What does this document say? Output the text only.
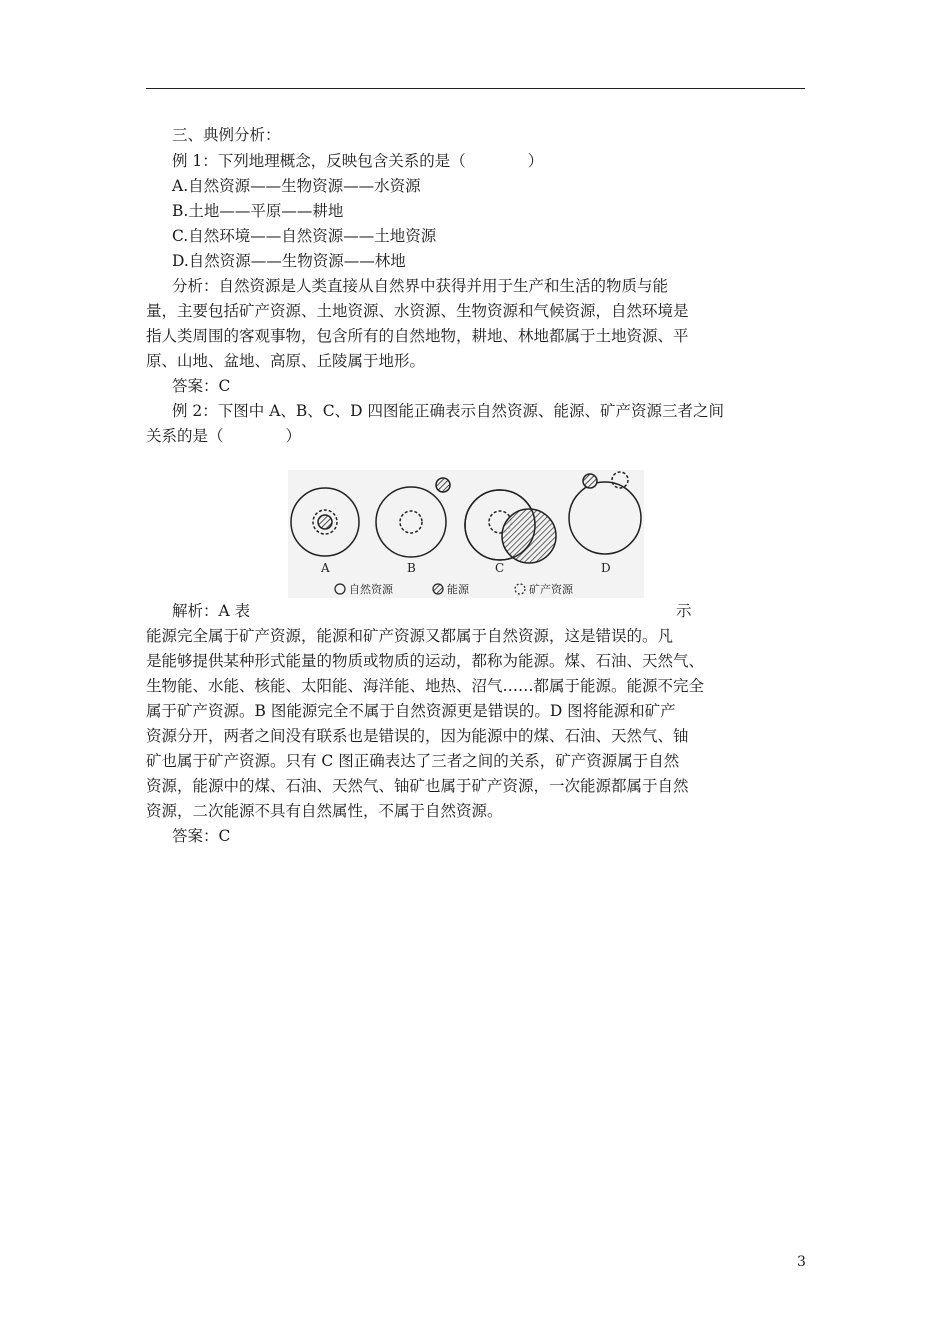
三、典例分析：
例 1：下列地理概念，反映包含关系的是（　　　　）
A.自然资源——生物资源——水资源
B.土地——平原——耕地
C.自然环境——自然资源——土地资源
D.自然资源——生物资源——林地
分析：自然资源是人类直接从自然界中获得并用于生产和生活的物质与能
量，主要包括矿产资源、土地资源、水资源、生物资源和气候资源，自然环境是
指人类周围的客观事物，包含所有的自然地物，耕地、林地都属于土地资源、平
原、山地、盆地、高原、丘陵属于地形。
答案：C
例 2：下图中 A、B、C、D 四图能正确表示自然资源、能源、矿产资源三者之间
关系的是（　　　　）
A	B	C	D
自然资源	能源	矿产资源
解析：A 表	示
能源完全属于矿产资源，能源和矿产资源又都属于自然资源，这是错误的。凡
是能够提供某种形式能量的物质或物质的运动，都称为能源。煤、石油、天然气、
生物能、水能、核能、太阳能、海洋能、地热、沼气……都属于能源。能源不完全
属于矿产资源。B 图能源完全不属于自然资源更是错误的。D 图将能源和矿产
资源分开，两者之间没有联系也是错误的，因为能源中的煤、石油、天然气、铀
矿也属于矿产资源。只有 C 图正确表达了三者之间的关系，矿产资源属于自然
资源，能源中的煤、石油、天然气、铀矿也属于矿产资源，一次能源都属于自然
资源，二次能源不具有自然属性，不属于自然资源。
答案：C
3
